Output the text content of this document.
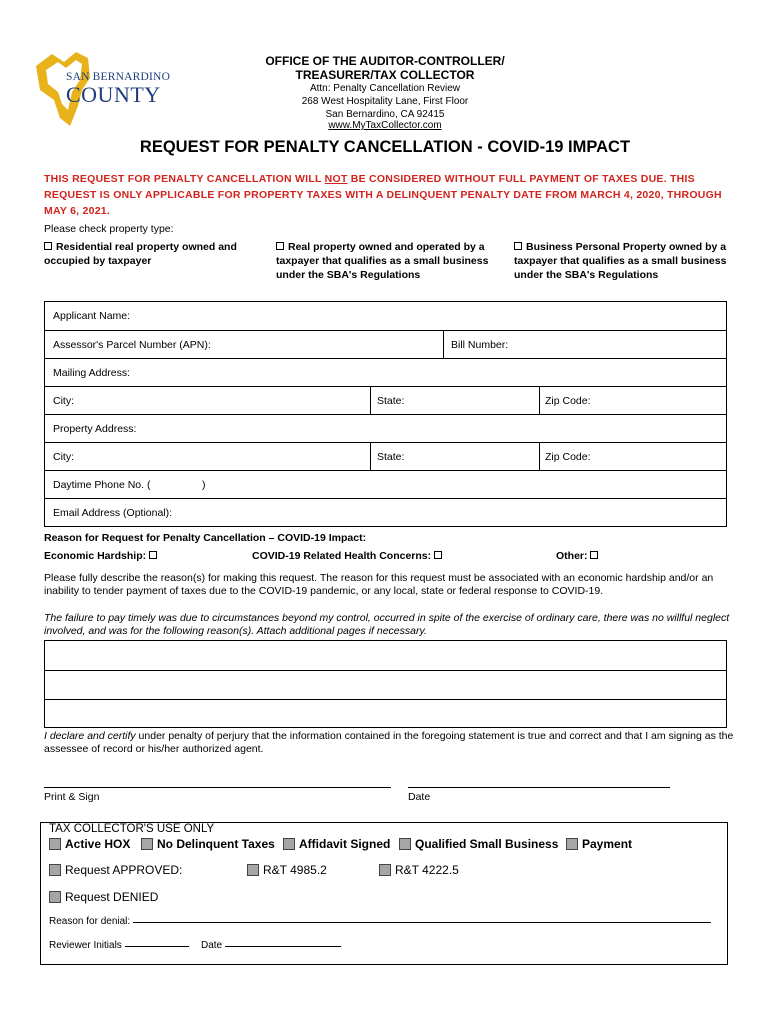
SAN BERNARDINO
COUNTY
OFFICE OF THE AUDITOR-CONTROLLER/
TREASURER/TAX COLLECTOR
Attn: Penalty Cancellation Review
268 West Hospitality Lane, First Floor
San Bernardino, CA 92415
www.MyTaxCollector.com
REQUEST FOR PENALTY CANCELLATION - COVID-19 IMPACT
THIS REQUEST FOR PENALTY CANCELLATION WILL NOT BE CONSIDERED WITHOUT FULL PAYMENT OF TAXES DUE. THIS REQUEST IS ONLY APPLICABLE FOR PROPERTY TAXES WITH A DELINQUENT PENALTY DATE FROM MARCH 4, 2020, THROUGH MAY 6, 2021.
Please check property type:
Residential real property owned and occupied by taxpayer
Real property owned and operated by a taxpayer that qualifies as a small business under the SBA's Regulations
Business Personal Property owned by a taxpayer that qualifies as a small business under the SBA's Regulations
Applicant Name:
Assessor's Parcel Number (APN):	Bill Number:
Mailing Address:
City:	State:	Zip Code:
Property Address:
City:	State:	Zip Code:
Daytime Phone No. (	)
Email Address (Optional):
Reason for Request for Penalty Cancellation – COVID-19 Impact:
Economic Hardship:	COVID-19 Related Health Concerns:	Other:
Please fully describe the reason(s) for making this request. The reason for this request must be associated with an economic hardship and/or an inability to tender payment of taxes due to the COVID-19 pandemic, or any local, state or federal response to COVID-19.
The failure to pay timely was due to circumstances beyond my control, occurred in spite of the exercise of ordinary care, there was no willful neglect involved, and was for the following reason(s). Attach additional pages if necessary.
I declare and certify under penalty of perjury that the information contained in the foregoing statement is true and correct and that I am signing as the assessee of record or his/her authorized agent.
Print & Sign	Date
TAX COLLECTOR'S USE ONLY
Active HOX	No Delinquent Taxes	Affidavit Signed	Qualified Small Business	Payment
Request APPROVED:	R&T 4985.2	R&T 4222.5
Request DENIED
Reason for denial:
Reviewer Initials	Date
